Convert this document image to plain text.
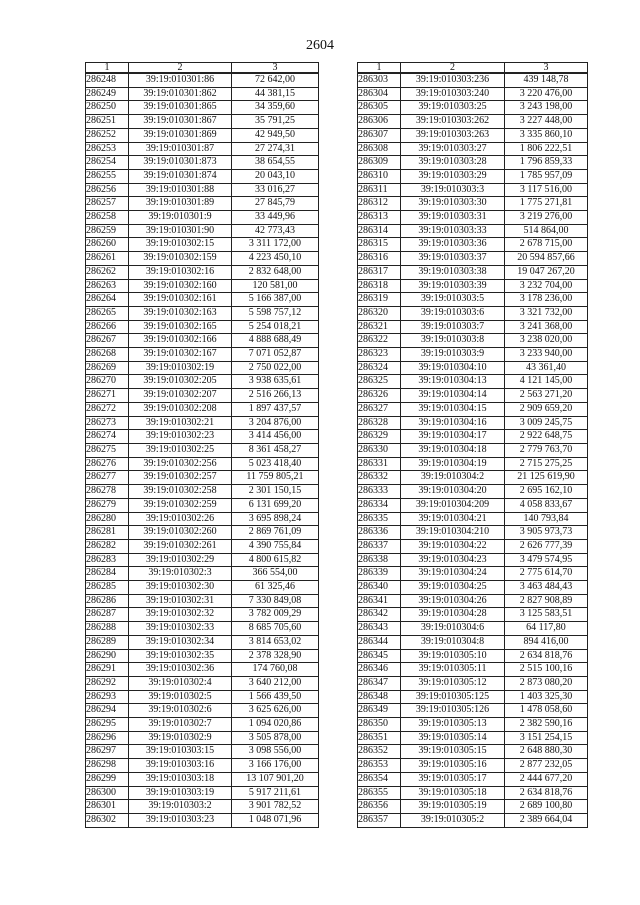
2604
1	2	3
286248	39:19:010301:86	72 642,00
286249	39:19:010301:862	44 381,15
286250	39:19:010301:865	34 359,60
286251	39:19:010301:867	35 791,25
286252	39:19:010301:869	42 949,50
286253	39:19:010301:87	27 274,31
286254	39:19:010301:873	38 654,55
286255	39:19:010301:874	20 043,10
286256	39:19:010301:88	33 016,27
286257	39:19:010301:89	27 845,79
286258	39:19:010301:9	33 449,96
286259	39:19:010301:90	42 773,43
286260	39:19:010302:15	3 311 172,00
286261	39:19:010302:159	4 223 450,10
286262	39:19:010302:16	2 832 648,00
286263	39:19:010302:160	120 581,00
286264	39:19:010302:161	5 166 387,00
286265	39:19:010302:163	5 598 757,12
286266	39:19:010302:165	5 254 018,21
286267	39:19:010302:166	4 888 688,49
286268	39:19:010302:167	7 071 052,87
286269	39:19:010302:19	2 750 022,00
286270	39:19:010302:205	3 938 635,61
286271	39:19:010302:207	2 516 266,13
286272	39:19:010302:208	1 897 437,57
286273	39:19:010302:21	3 204 876,00
286274	39:19:010302:23	3 414 456,00
286275	39:19:010302:25	8 361 458,27
286276	39:19:010302:256	5 023 418,40
286277	39:19:010302:257	11 759 805,21
286278	39:19:010302:258	2 301 150,15
286279	39:19:010302:259	6 131 699,20
286280	39:19:010302:26	3 695 898,24
286281	39:19:010302:260	2 869 761,09
286282	39:19:010302:261	4 390 755,84
286283	39:19:010302:29	4 800 615,82
286284	39:19:010302:3	366 554,00
286285	39:19:010302:30	61 325,46
286286	39:19:010302:31	7 330 849,08
286287	39:19:010302:32	3 782 009,29
286288	39:19:010302:33	8 685 705,60
286289	39:19:010302:34	3 814 653,02
286290	39:19:010302:35	2 378 328,90
286291	39:19:010302:36	174 760,08
286292	39:19:010302:4	3 640 212,00
286293	39:19:010302:5	1 566 439,50
286294	39:19:010302:6	3 625 626,00
286295	39:19:010302:7	1 094 020,86
286296	39:19:010302:9	3 505 878,00
286297	39:19:010303:15	3 098 556,00
286298	39:19:010303:16	3 166 176,00
286299	39:19:010303:18	13 107 901,20
286300	39:19:010303:19	5 917 211,61
286301	39:19:010303:2	3 901 782,52
286302	39:19:010303:23	1 048 071,96
1	2	3
286303	39:19:010303:236	439 148,78
286304	39:19:010303:240	3 220 476,00
286305	39:19:010303:25	3 243 198,00
286306	39:19:010303:262	3 227 448,00
286307	39:19:010303:263	3 335 860,10
286308	39:19:010303:27	1 806 222,51
286309	39:19:010303:28	1 796 859,33
286310	39:19:010303:29	1 785 957,09
286311	39:19:010303:3	3 117 516,00
286312	39:19:010303:30	1 775 271,81
286313	39:19:010303:31	3 219 276,00
286314	39:19:010303:33	514 864,00
286315	39:19:010303:36	2 678 715,00
286316	39:19:010303:37	20 594 857,66
286317	39:19:010303:38	19 047 267,20
286318	39:19:010303:39	3 232 704,00
286319	39:19:010303:5	3 178 236,00
286320	39:19:010303:6	3 321 732,00
286321	39:19:010303:7	3 241 368,00
286322	39:19:010303:8	3 238 020,00
286323	39:19:010303:9	3 233 940,00
286324	39:19:010304:10	43 361,40
286325	39:19:010304:13	4 121 145,00
286326	39:19:010304:14	2 563 271,20
286327	39:19:010304:15	2 909 659,20
286328	39:19:010304:16	3 009 245,75
286329	39:19:010304:17	2 922 648,75
286330	39:19:010304:18	2 779 763,70
286331	39:19:010304:19	2 715 275,25
286332	39:19:010304:2	21 125 619,90
286333	39:19:010304:20	2 695 162,10
286334	39:19:010304:209	4 058 833,67
286335	39:19:010304:21	140 793,84
286336	39:19:010304:210	3 905 973,73
286337	39:19:010304:22	2 626 777,39
286338	39:19:010304:23	3 479 574,95
286339	39:19:010304:24	2 775 614,70
286340	39:19:010304:25	3 463 484,43
286341	39:19:010304:26	2 827 908,89
286342	39:19:010304:28	3 125 583,51
286343	39:19:010304:6	64 117,80
286344	39:19:010304:8	894 416,00
286345	39:19:010305:10	2 634 818,76
286346	39:19:010305:11	2 515 100,16
286347	39:19:010305:12	2 873 080,20
286348	39:19:010305:125	1 403 325,30
286349	39:19:010305:126	1 478 058,60
286350	39:19:010305:13	2 382 590,16
286351	39:19:010305:14	3 151 254,15
286352	39:19:010305:15	2 648 880,30
286353	39:19:010305:16	2 877 232,05
286354	39:19:010305:17	2 444 677,20
286355	39:19:010305:18	2 634 818,76
286356	39:19:010305:19	2 689 100,80
286357	39:19:010305:2	2 389 664,04
